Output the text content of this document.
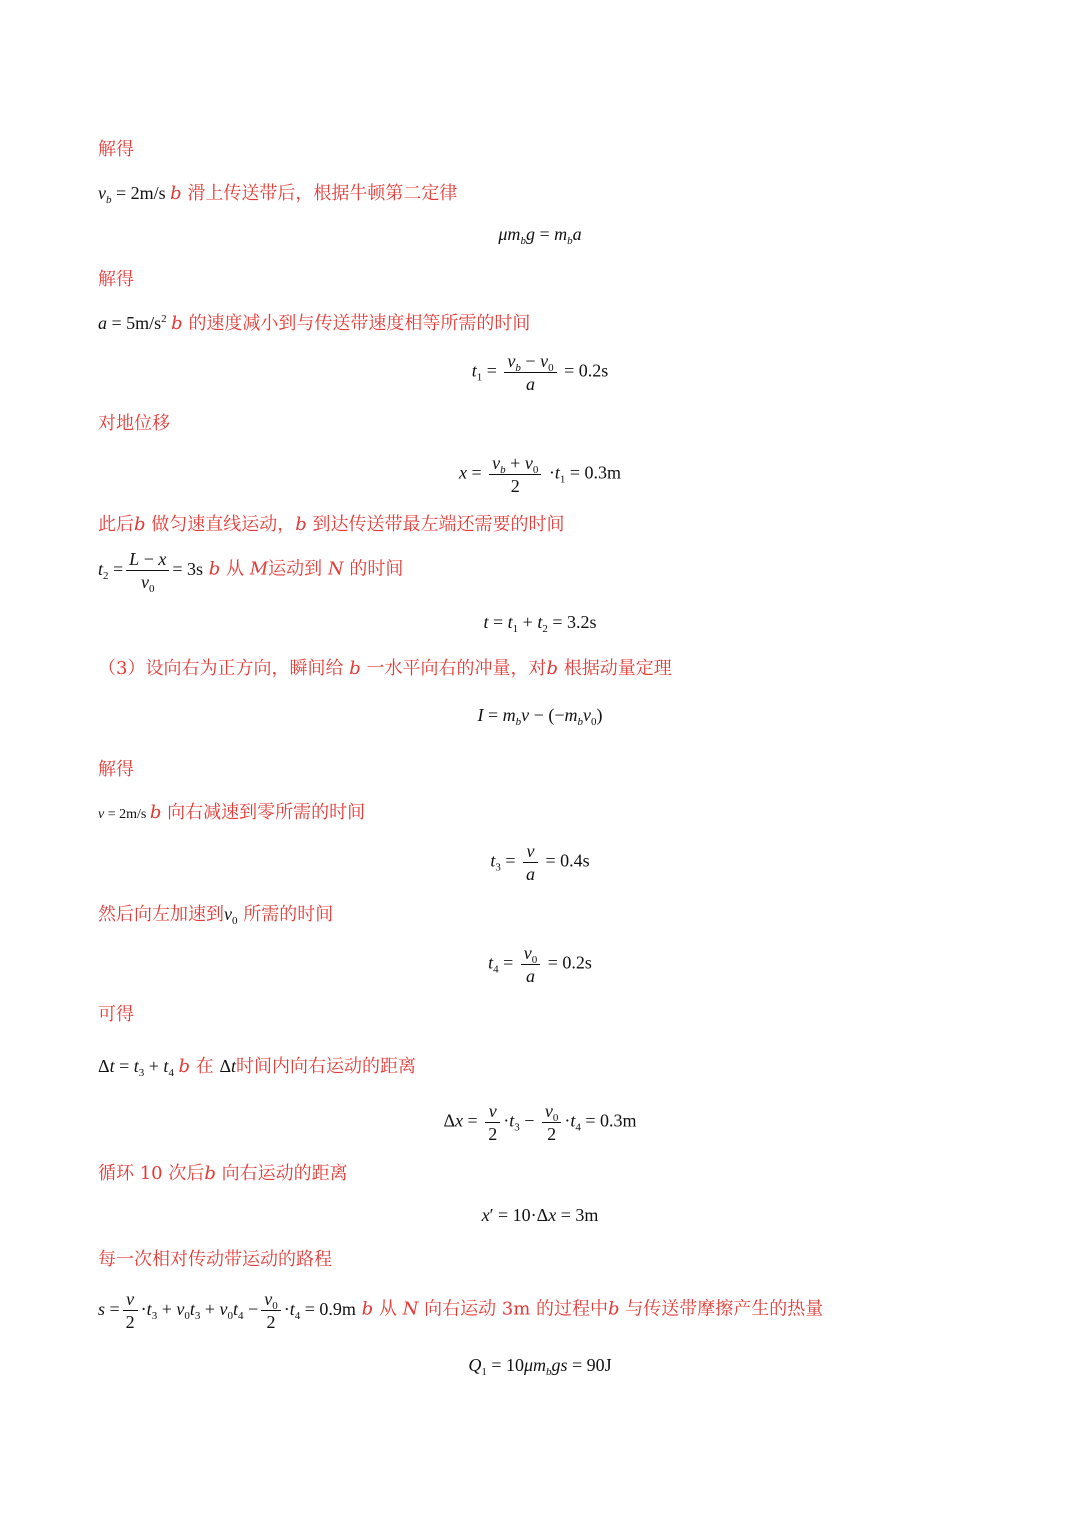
解得
$v_b = 2m/s$ b 滑上传送带后，根据牛顿第二定律
$\mu m_bg = m_ba$
解得
$a = 5m/s^2$ b 的速度减小到与传送带速度相等所需的时间
$t_1 = \frac{v_b - v_0}{a} = 0.2s$
对地位移
$x = \frac{v_b + v_0}{2} \cdot t_1 = 0.3m$
此后b 做匀速直线运动，b 到达传送带最左端还需要的时间
$t_2 = \frac{L - x}{v_0} = 3s$ b 从 M运动到 N 的时间
$t = t_1 + t_2 = 3.2s$
（3）设向右为正方向，瞬间给 b 一水平向右的冲量，对b 根据动量定理
$I = m_bv - (-m_bv_0)$
解得
v = 2m/s b 向右减速到零所需的时间
$t_3 = \frac{v}{a} = 0.4s$
然后向左加速到$v_0$ 所需的时间
$t_4 = \frac{v_0}{a} = 0.2s$
可得
$\Delta t = t_3 + t_4$ b 在 Δt时间内向右运动的距离
$\Delta x = \frac{v}{2} \cdot t_3 - \frac{v_0}{2} \cdot t_4 = 0.3m$
循环 10 次后b 向右运动的距离
x′ = 10·Δx = 3m
每一次相对传动带运动的路程
$s = \frac{v}{2} \cdot t_3 + v_0t_3 + v_0t_4 - \frac{v_0}{2} \cdot t_4 = 0.9m$ b 从 N 向右运动 3m 的过程中b 与传送带摩擦产生的热量
$Q_1 = 10\mu m_bgs = 90J$
